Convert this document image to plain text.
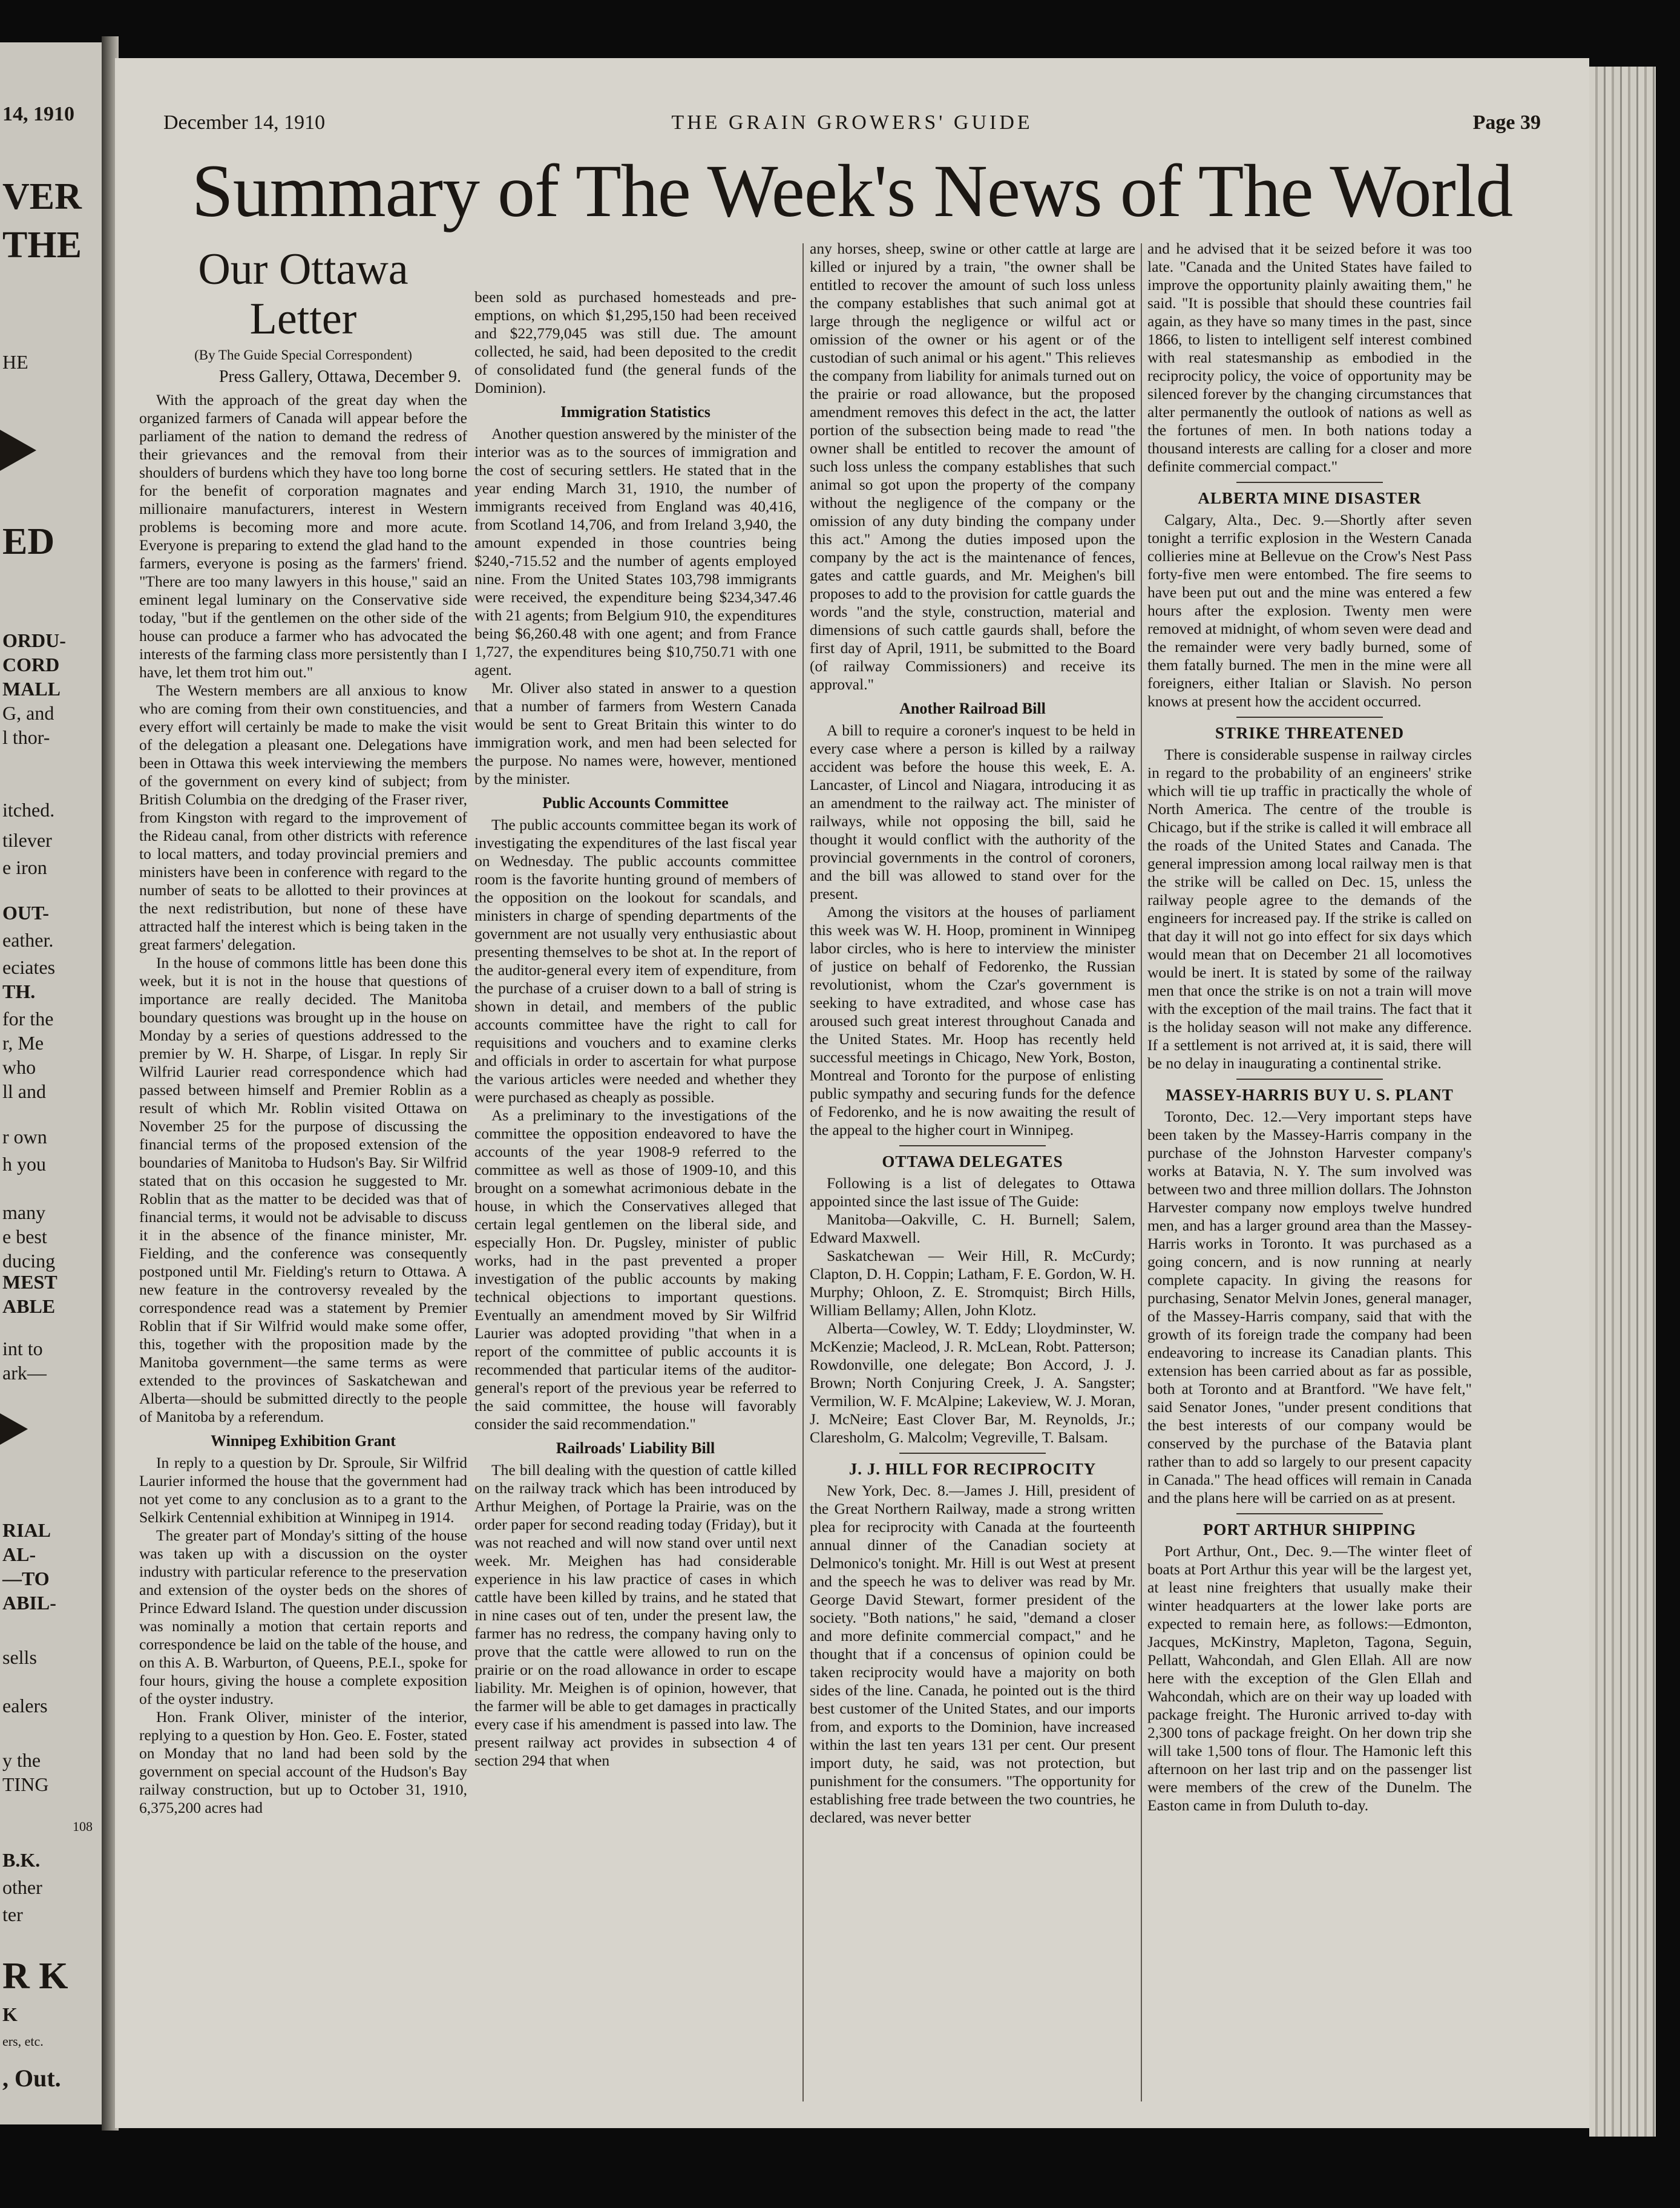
14, 1910
VER
THE
HE
ED
ORDU-
CORD
MALL
G, and
l thor-
itched.
tilever
e iron
OUT-
eather.
eciates
TH.
for the
r, Me
who
ll and
r own
h you
many
e best
ducing
MEST
ABLE
int to
ark—
RIAL
AL-
—TO
ABIL-
sells
ealers
y the
TING
108
B.K.
other
ter
R K
K
ers, etc.
, Out.
THE GRAIN GROWERS' GUIDE
December 14, 1910	Page 39
Summary of The Week's News of The World
Our Ottawa Letter
(By The Guide Special Correspondent)
Press Gallery, Ottawa, December 9.

With the approach of the great day when the organized farmers of Canada will appear before the parliament of the nation to demand the redress of their grievances and the removal from their shoulders of burdens which they have too long borne for the benefit of corporation magnates and millionaire manufacturers, interest in Western problems is becoming more and more acute. Everyone is preparing to extend the glad hand to the farmers, everyone is posing as the farmers' friend. "There are too many lawyers in this house," said an eminent legal luminary on the Conservative side today, "but if the gentlemen on the other side of the house can produce a farmer who has advocated the interests of the farming class more persistently than I have, let them trot him out."

The Western members are all anxious to know who are coming from their own constituencies, and every effort will certainly be made to make the visit of the delegation a pleasant one. Delegations have been in Ottawa this week interviewing the members of the government on every kind of subject; from British Columbia on the dredging of the Fraser river, from Kingston with regard to the improvement of the Rideau canal, from other districts with reference to local matters, and today provincial premiers and ministers have been in conference with regard to the number of seats to be allotted to their provinces at the next redistribution, but none of these have attracted half the interest which is being taken in the great farmers' delegation.

In the house of commons little has been done this week, but it is not in the house that questions of importance are really decided. The Manitoba boundary questions was brought up in the house on Monday by a series of questions addressed to the premier by W. H. Sharpe, of Lisgar. In reply Sir Wilfrid Laurier read correspondence which had passed between himself and Premier Roblin as a result of which Mr. Roblin visited Ottawa on November 25 for the purpose of discussing the financial terms of the proposed extension of the boundaries of Manitoba to Hudson's Bay. Sir Wilfrid stated that on this occasion he suggested to Mr. Roblin that as the matter to be decided was that of financial terms, it would not be advisable to discuss it in the absence of the finance minister, Mr. Fielding, and the conference was consequently postponed until Mr. Fielding's return to Ottawa. A new feature in the controversy revealed by the correspondence read was a statement by Premier Roblin that if Sir Wilfrid would make some offer, this, together with the proposition made by the Manitoba government—the same terms as were extended to the provinces of Saskatchewan and Alberta—should be submitted directly to the people of Manitoba by a referendum.

Winnipeg Exhibition Grant

In reply to a question by Dr. Sproule, Sir Wilfrid Laurier informed the house that the government had not yet come to any conclusion as to a grant to the Selkirk Centennial exhibition at Winnipeg in 1914.

The greater part of Monday's sitting of the house was taken up with a discussion on the oyster industry with particular reference to the preservation and extension of the oyster beds on the shores of Prince Edward Island. The question under discussion was nominally a motion that certain reports and correspondence be laid on the table of the house, and on this A. B. Warburton, of Queens, P.E.I., spoke for four hours, giving the house a complete exposition of the oyster industry.

Hon. Frank Oliver, minister of the interior, replying to a question by Hon. Geo. E. Foster, stated on Monday that no land had been sold by the government on special account of the Hudson's Bay railway construction, but up to October 31, 1910, 6,375,200 acres had

been sold as purchased homesteads and pre-emptions, on which $1,295,150 had been received and $22,779,045 was still due. The amount collected, he said, had been deposited to the credit of consolidated fund (the general funds of the Dominion).

Immigration Statistics

Another question answered by the minister of the interior was as to the sources of immigration and the cost of securing settlers. He stated that in the year ending March 31, 1910, the number of immigrants received from England was 40,416, from Scotland 14,706, and from Ireland 3,940, the amount expended in those countries being $240,-715.52 and the number of agents employed nine. From the United States 103,798 immigrants were received, the expenditure being $234,347.46 with 21 agents; from Belgium 910, the expenditures being $6,260.48 with one agent; and from France 1,727, the expenditures being $10,750.71 with one agent.

Mr. Oliver also stated in answer to a question that a number of farmers from Western Canada would be sent to Great Britain this winter to do immigration work, and men had been selected for the purpose. No names were, however, mentioned by the minister.

Public Accounts Committee

The public accounts committee began its work of investigating the expenditures of the last fiscal year on Wednesday. The public accounts committee room is the favorite hunting ground of members of the opposition on the lookout for scandals, and ministers in charge of spending departments of the government are not usually very enthusiastic about presenting themselves to be shot at. In the report of the auditor-general every item of expenditure, from the purchase of a cruiser down to a ball of string is shown in detail, and members of the public accounts committee have the right to call for requisitions and vouchers and to examine clerks and officials in order to ascertain for what purpose the various articles were needed and whether they were purchased as cheaply as possible.

As a preliminary to the investigations of the committee the opposition endeavored to have the accounts of the year 1908-9 referred to the committee as well as those of 1909-10, and this brought on a somewhat acrimonious debate in the house, in which the Conservatives alleged that certain legal gentlemen on the liberal side, and especially Hon. Dr. Pugsley, minister of public works, had in the past prevented a proper investigation of the public accounts by making technical objections to important questions. Eventually an amendment moved by Sir Wilfrid Laurier was adopted providing "that when in a report of the committee of public accounts it is recommended that particular items of the auditor-general's report of the previous year be referred to the said committee, the house will favorably consider the said recommendation."

Railroads' Liability Bill

The bill dealing with the question of cattle killed on the railway track which has been introduced by Arthur Meighen, of Portage la Prairie, was on the order paper for second reading today (Friday), but it was not reached and will now stand over until next week. Mr. Meighen has had considerable experience in his law practice of cases in which cattle have been killed by trains, and he stated that in nine cases out of ten, under the present law, the farmer has no redress, the company having only to prove that the cattle were allowed to run on the prairie or on the road allowance in order to escape liability. Mr. Meighen is of opinion, however, that the farmer will be able to get damages in practically every case if his amendment is passed into law. The present railway act provides in subsection 4 of section 294 that when

any horses, sheep, swine or other cattle at large are killed or injured by a train, "the owner shall be entitled to recover the amount of such loss unless the company establishes that such animal got at large through the negligence or wilful act or omission of the owner or his agent or of the custodian of such animal or his agent." This relieves the company from liability for animals turned out on the prairie or road allowance, but the proposed amendment removes this defect in the act, the latter portion of the subsection being made to read "the owner shall be entitled to recover the amount of such loss unless the company establishes that such animal so got upon the property of the company without the negligence of the company or the omission of any duty binding the company under this act." Among the duties imposed upon the company by the act is the maintenance of fences, gates and cattle guards, and Mr. Meighen's bill proposes to add to the provision for cattle guards the words "and the style, construction, material and dimensions of such cattle gaurds shall, before the first day of April, 1911, be submitted to the Board (of railway Commissioners) and receive its approval."

Another Railroad Bill

A bill to require a coroner's inquest to be held in every case where a person is killed by a railway accident was before the house this week, E. A. Lancaster, of Lincol and Niagara, introducing it as an amendment to the railway act. The minister of railways, while not opposing the bill, said he thought it would conflict with the authority of the provincial governments in the control of coroners, and the bill was allowed to stand over for the present.

Among the visitors at the houses of parliament this week was W. H. Hoop, prominent in Winnipeg labor circles, who is here to interview the minister of justice on behalf of Fedorenko, the Russian revolutionist, whom the Czar's government is seeking to have extradited, and whose case has aroused such great interest throughout Canada and the United States. Mr. Hoop has recently held successful meetings in Chicago, New York, Boston, Montreal and Toronto for the purpose of enlisting public sympathy and securing funds for the defence of Fedorenko, and he is now awaiting the result of the appeal to the higher court in Winnipeg.

OTTAWA DELEGATES

Following is a list of delegates to Ottawa appointed since the last issue of The Guide:

Manitoba—Oakville, C. H. Burnell; Salem, Edward Maxwell.

Saskatchewan — Weir Hill, R. McCurdy; Clapton, D. H. Coppin; Latham, F. E. Gordon, W. H. Murphy; Ohloon, Z. E. Stromquist; Birch Hills, William Bellamy; Allen, John Klotz.

Alberta—Cowley, W. T. Eddy; Lloydminster, W. McKenzie; Macleod, J. R. McLean, Robt. Patterson; Rowdonville, one delegate; Bon Accord, J. J. Brown; North Conjuring Creek, J. A. Sangster; Vermilion, W. F. McAlpine; Lakeview, W. J. Moran, J. McNeire; East Clover Bar, M. Reynolds, Jr.; Claresholm, G. Malcolm; Vegreville, T. Balsam.

J. J. HILL FOR RECIPROCITY

New York, Dec. 8.—James J. Hill, president of the Great Northern Railway, made a strong written plea for reciprocity with Canada at the fourteenth annual dinner of the Canadian society at Delmonico's tonight. Mr. Hill is out West at present and the speech he was to deliver was read by Mr. George David Stewart, former president of the society. "Both nations," he said, "demand a closer and more definite commercial compact," and he thought that if a concensus of opinion could be taken reciprocity would have a majority on both sides of the line. Canada, he pointed out is the third best customer of the United States, and our imports from, and exports to the Dominion, have increased within the last ten years 131 per cent. Our present import duty, he said, was not protection, but punishment for the consumers. "The opportunity for establishing free trade between the two countries, he declared, was never better

and he advised that it be seized before it was too late. "Canada and the United States have failed to improve the opportunity plainly awaiting them," he said. "It is possible that should these countries fail again, as they have so many times in the past, since 1866, to listen to intelligent self interest combined with real statesmanship as embodied in the reciprocity policy, the voice of opportunity may be silenced forever by the changing circumstances that alter permanently the outlook of nations as well as the fortunes of men. In both nations today a thousand interests are calling for a closer and more definite commercial compact."

ALBERTA MINE DISASTER

Calgary, Alta., Dec. 9.—Shortly after seven tonight a terrific explosion in the Western Canada collieries mine at Bellevue on the Crow's Nest Pass forty-five men were entombed. The fire seems to have been put out and the mine was entered a few hours after the explosion. Twenty men were removed at midnight, of whom seven were dead and the remainder were very badly burned, some of them fatally burned. The men in the mine were all foreigners, either Italian or Slavish. No person knows at present how the accident occurred.

STRIKE THREATENED

There is considerable suspense in railway circles in regard to the probability of an engineers' strike which will tie up traffic in practically the whole of North America. The centre of the trouble is Chicago, but if the strike is called it will embrace all the roads of the United States and Canada. The general impression among local railway men is that the strike will be called on Dec. 15, unless the railway people agree to the demands of the engineers for increased pay. If the strike is called on that day it will not go into effect for six days which would mean that on December 21 all locomotives would be inert. It is stated by some of the railway men that once the strike is on not a train will move with the exception of the mail trains. The fact that it is the holiday season will not make any difference. If a settlement is not arrived at, it is said, there will be no delay in inaugurating a continental strike.

MASSEY-HARRIS BUY U. S. PLANT

Toronto, Dec. 12.—Very important steps have been taken by the Massey-Harris company in the purchase of the Johnston Harvester company's works at Batavia, N. Y. The sum involved was between two and three million dollars. The Johnston Harvester company now employs twelve hundred men, and has a larger ground area than the Massey-Harris works in Toronto. It was purchased as a going concern, and is now running at nearly complete capacity. In giving the reasons for purchasing, Senator Melvin Jones, general manager, of the Massey-Harris company, said that with the growth of its foreign trade the company had been endeavoring to increase its Canadian plants. This extension has been carried about as far as possible, both at Toronto and at Brantford. "We have felt," said Senator Jones, "under present conditions that the best interests of our company would be conserved by the purchase of the Batavia plant rather than to add so largely to our present capacity in Canada." The head offices will remain in Canada and the plans here will be carried on as at present.

PORT ARTHUR SHIPPING

Port Arthur, Ont., Dec. 9.—The winter fleet of boats at Port Arthur this year will be the largest yet, at least nine freighters that usually make their winter headquarters at the lower lake ports are expected to remain here, as follows:—Edmonton, Jacques, McKinstry, Mapleton, Tagona, Seguin, Pellatt, Wahcondah, and Glen Ellah. All are now here with the exception of the Glen Ellah and Wahcondah, which are on their way up loaded with package freight. The Huronic arrived to-day with 2,300 tons of package freight. On her down trip she will take 1,500 tons of flour. The Hamonic left this afternoon on her last trip and on the passenger list were members of the crew of the Dunelm. The Easton came in from Duluth to-day.
